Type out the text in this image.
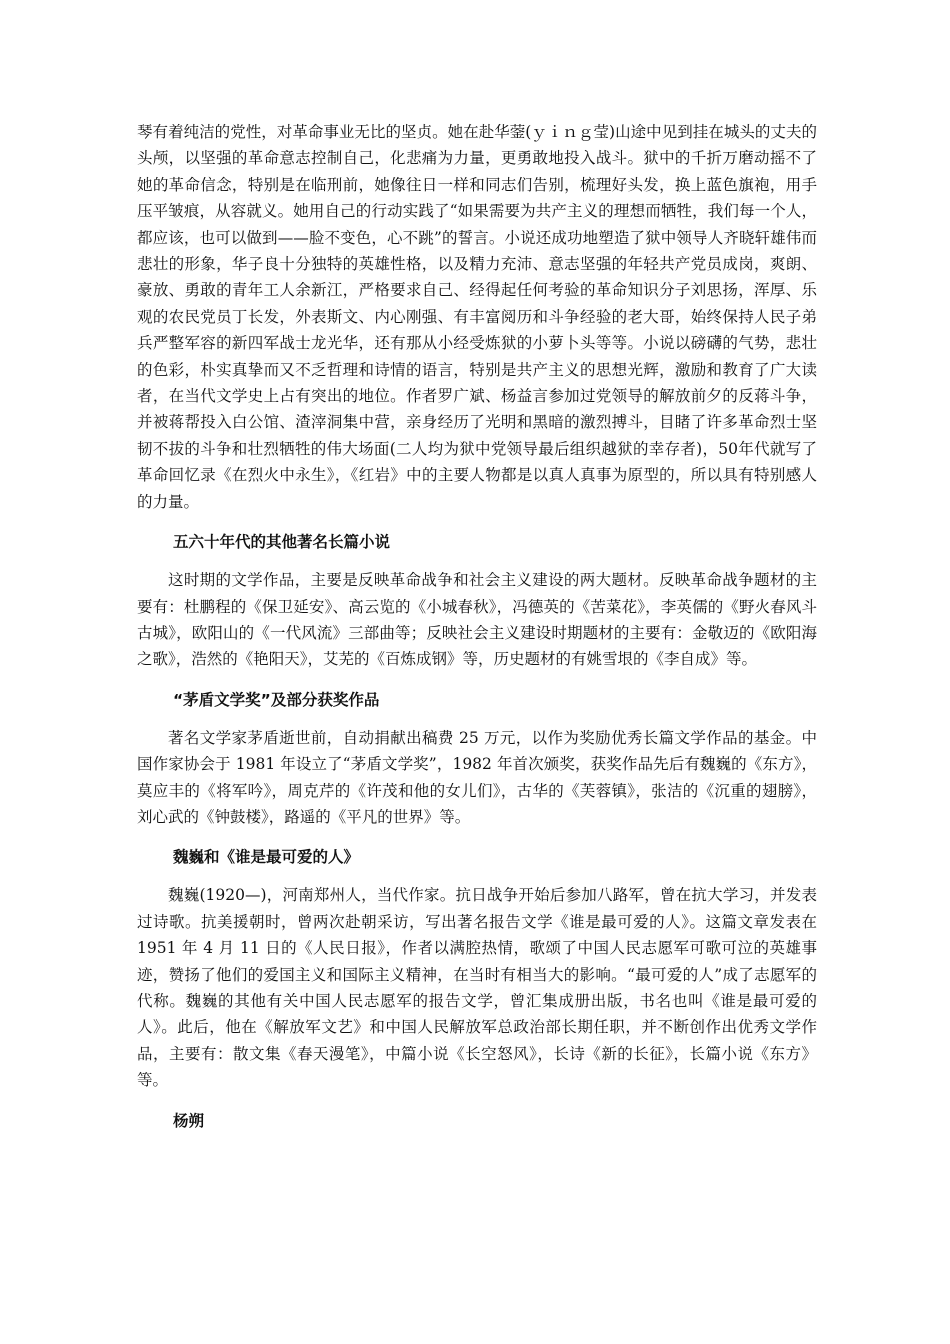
琴有着纯洁的党性，对革命事业无比的坚贞。她在赴华蓥(ｙｉｎｇ莹)山途中见到挂在城头的丈夫的头颅，以坚强的革命意志控制自己，化悲痛为力量，更勇敢地投入战斗。狱中的千折万磨动摇不了她的革命信念，特别是在临刑前，她像往日一样和同志们告别，梳理好头发，换上蓝色旗袍，用手压平皱痕，从容就义。她用自己的行动实践了“如果需要为共产主义的理想而牺牲，我们每一个人，都应该，也可以做到——脸不变色，心不跳”的誓言。小说还成功地塑造了狱中领导人齐晓轩雄伟而悲壮的形象，华子良十分独特的英雄性格，以及精力充沛、意志坚强的年轻共产党员成岗，爽朗、豪放、勇敢的青年工人余新江，严格要求自己、经得起任何考验的革命知识分子刘思扬，浑厚、乐观的农民党员丁长发，外表斯文、内心刚强、有丰富阅历和斗争经验的老大哥，始终保持人民子弟兵严整军容的新四军战士龙光华，还有那从小经受炼狱的小萝卜头等等。小说以磅礴的气势，悲壮的色彩，朴实真挚而又不乏哲理和诗情的语言，特别是共产主义的思想光辉，激励和教育了广大读者，在当代文学史上占有突出的地位。作者罗广斌、杨益言参加过党领导的解放前夕的反蒋斗争，并被蒋帮投入白公馆、渣滓洞集中营，亲身经历了光明和黑暗的激烈搏斗，目睹了许多革命烈士坚韧不拔的斗争和壮烈牺牲的伟大场面(二人均为狱中党领导最后组织越狱的幸存者)，50年代就写了革命回忆录《在烈火中永生》，《红岩》中的主要人物都是以真人真事为原型的，所以具有特别感人的力量。

五六十年代的其他著名长篇小说

这时期的文学作品，主要是反映革命战争和社会主义建设的两大题材。反映革命战争题材的主要有：杜鹏程的《保卫延安》、高云览的《小城春秋》，冯德英的《苦菜花》，李英儒的《野火春风斗古城》，欧阳山的《一代风流》三部曲等；反映社会主义建设时期题材的主要有：金敬迈的《欧阳海之歌》，浩然的《艳阳天》，艾芜的《百炼成钢》等，历史题材的有姚雪垠的《李自成》等。

“茅盾文学奖”及部分获奖作品

著名文学家茅盾逝世前，自动捐献出稿费 25 万元，以作为奖励优秀长篇文学作品的基金。中国作家协会于 1981 年设立了“茅盾文学奖”，1982 年首次颁奖，获奖作品先后有魏巍的《东方》，莫应丰的《将军吟》，周克芹的《许茂和他的女儿们》，古华的《芙蓉镇》，张洁的《沉重的翅膀》，刘心武的《钟鼓楼》，路遥的《平凡的世界》等。

魏巍和《谁是最可爱的人》

魏巍(1920—)，河南郑州人，当代作家。抗日战争开始后参加八路军，曾在抗大学习，并发表过诗歌。抗美援朝时，曾两次赴朝采访，写出著名报告文学《谁是最可爱的人》。这篇文章发表在 1951 年 4 月 11 日的《人民日报》，作者以满腔热情，歌颂了中国人民志愿军可歌可泣的英雄事迹，赞扬了他们的爱国主义和国际主义精神，在当时有相当大的影响。“最可爱的人”成了志愿军的代称。魏巍的其他有关中国人民志愿军的报告文学，曾汇集成册出版，书名也叫《谁是最可爱的人》。此后，他在《解放军文艺》和中国人民解放军总政治部长期任职，并不断创作出优秀文学作品，主要有：散文集《春天漫笔》，中篇小说《长空怒风》，长诗《新的长征》，长篇小说《东方》等。

杨朔
